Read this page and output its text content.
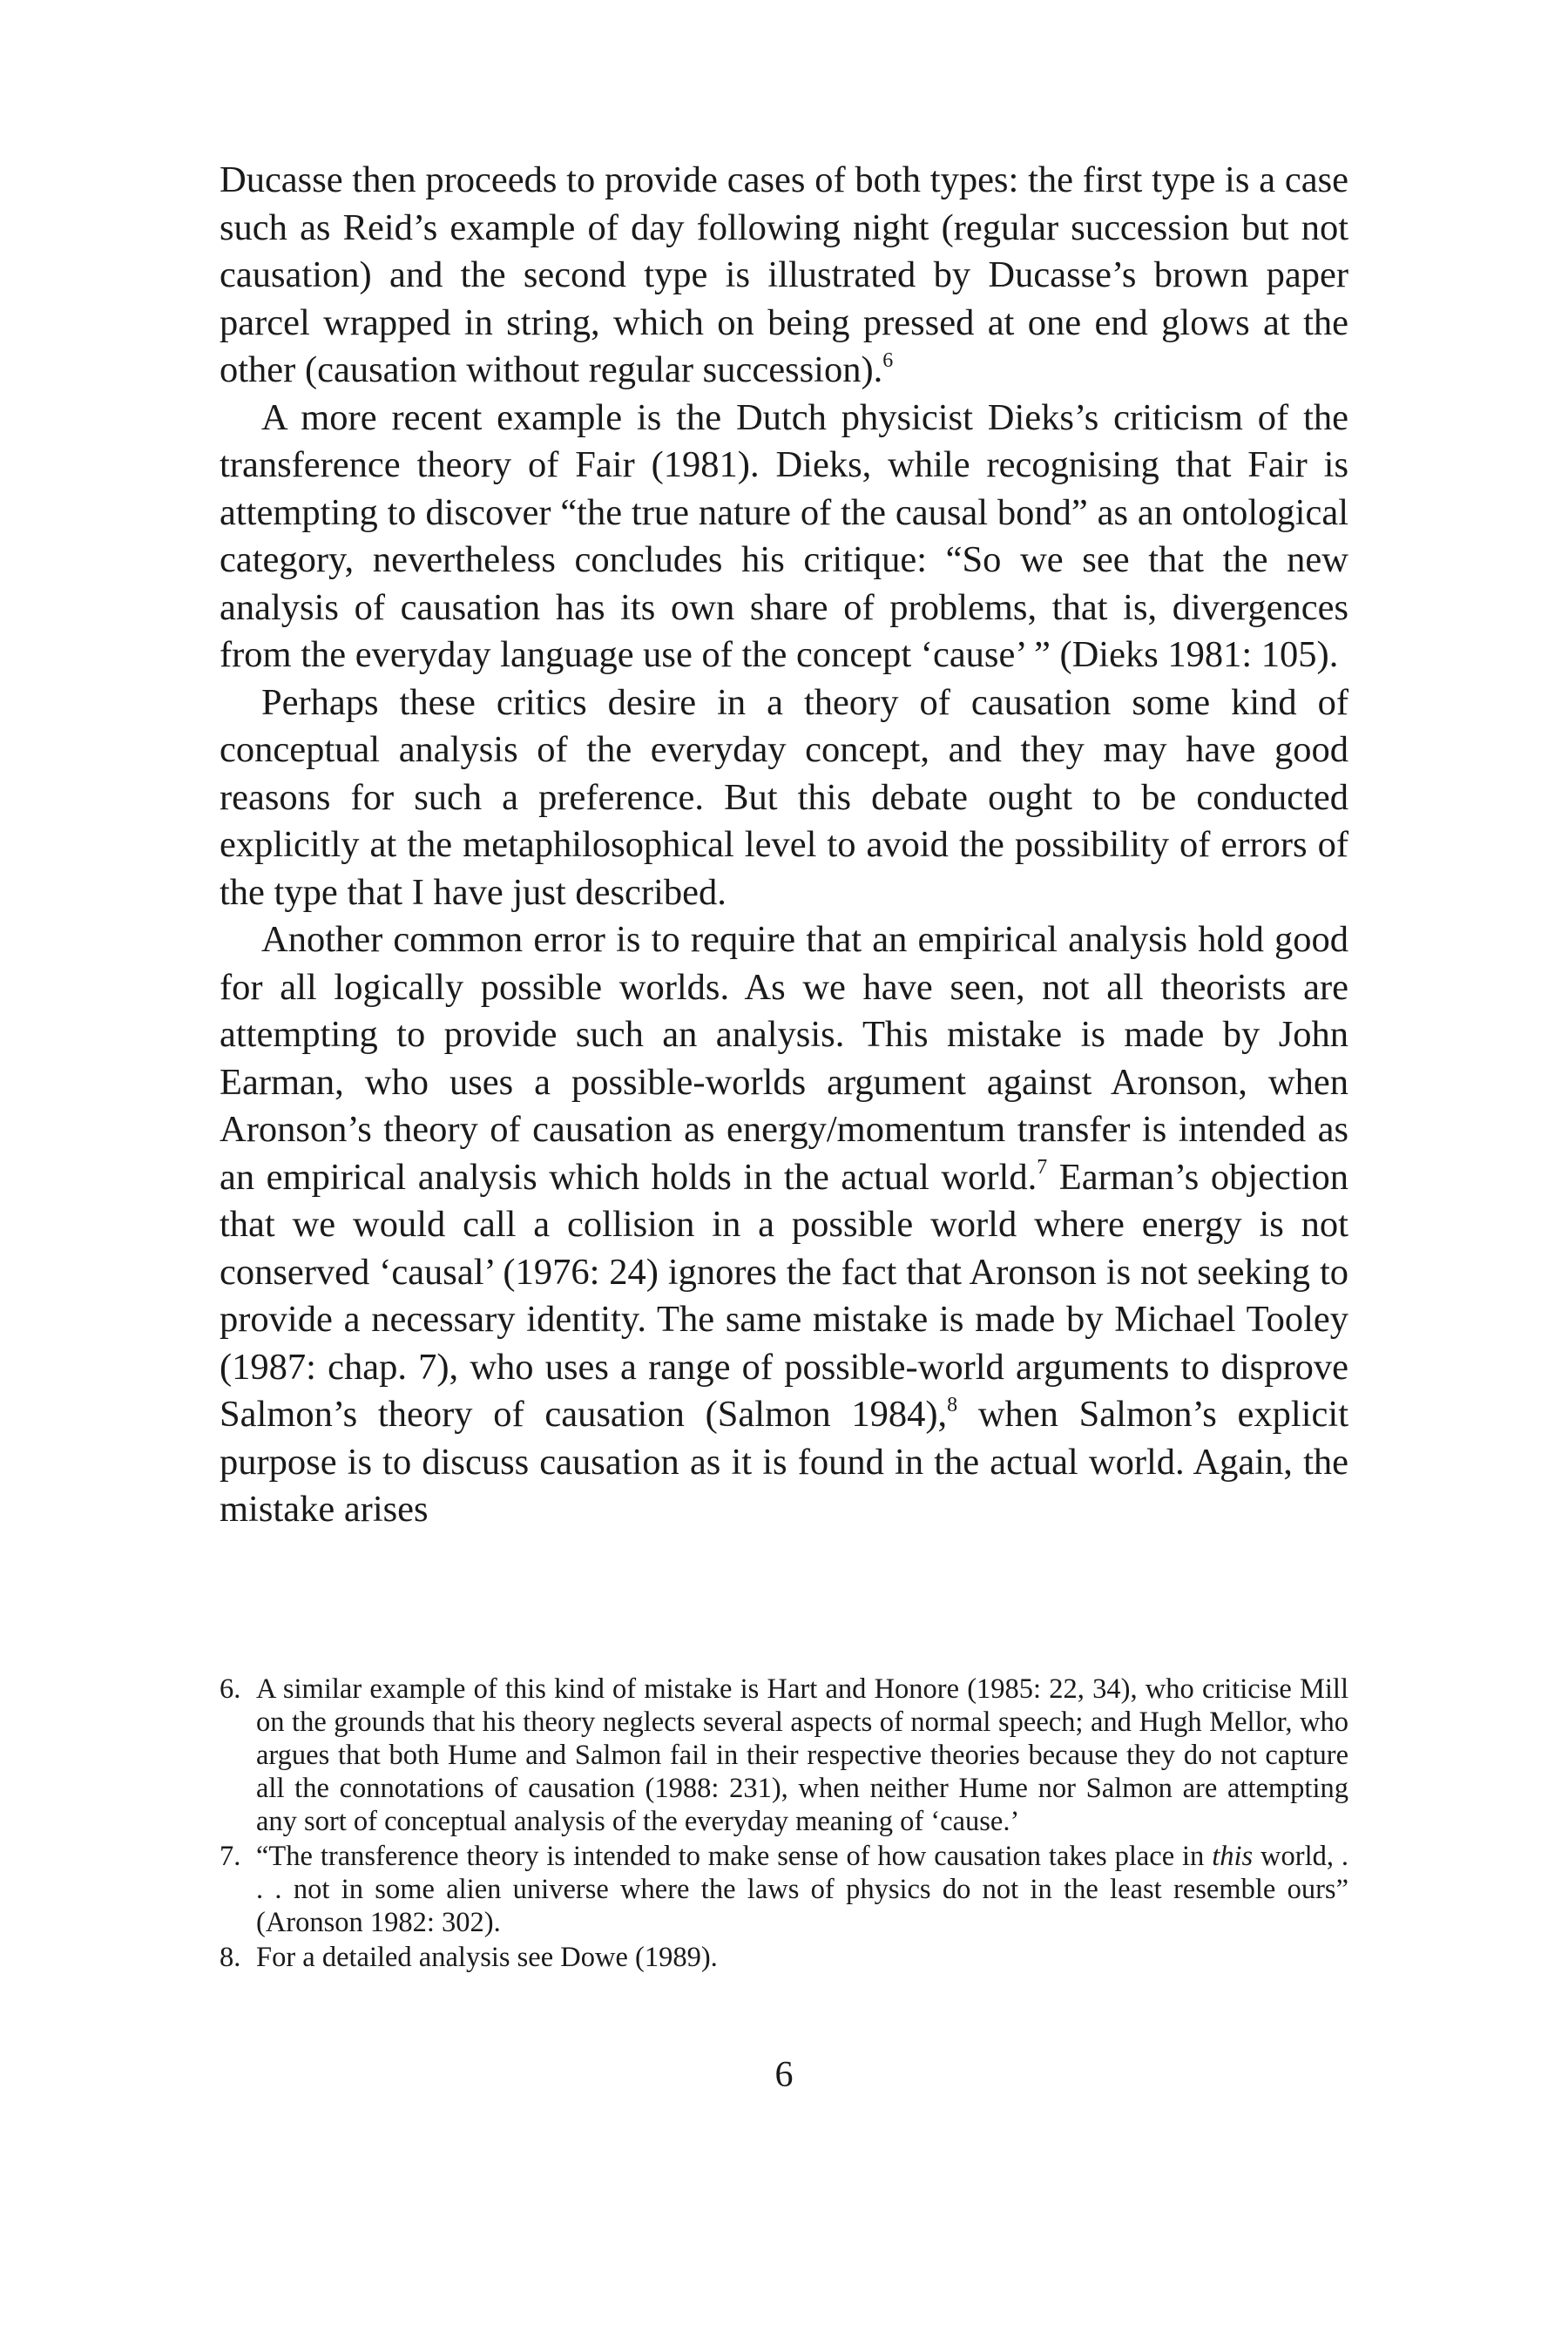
Ducasse then proceeds to provide cases of both types: the first type is a case such as Reid’s example of day following night (regular succession but not causation) and the second type is illustrated by Ducasse’s brown paper parcel wrapped in string, which on being pressed at one end glows at the other (causation without regular succession).$^6$

A more recent example is the Dutch physicist Dieks’s criticism of the transference theory of Fair (1981). Dieks, while recognising that Fair is attempting to discover “the true nature of the causal bond” as an ontological category, nevertheless concludes his critique: “So we see that the new analysis of causation has its own share of problems, that is, divergences from the everyday language use of the concept ‘cause’ ” (Dieks 1981: 105).

Perhaps these critics desire in a theory of causation some kind of conceptual analysis of the everyday concept, and they may have good reasons for such a preference. But this debate ought to be conducted explicitly at the metaphilosophical level to avoid the possibility of errors of the type that I have just described.

Another common error is to require that an empirical analysis hold good for all logically possible worlds. As we have seen, not all theorists are attempting to provide such an analysis. This mistake is made by John Earman, who uses a possible-worlds argument against Aronson, when Aronson’s theory of causation as energy/momentum transfer is intended as an empirical analysis which holds in the actual world.$^7$ Earman’s objection that we would call a collision in a possible world where energy is not conserved ‘causal’ (1976: 24) ignores the fact that Aronson is not seeking to provide a necessary identity. The same mistake is made by Michael Tooley (1987: chap. 7), who uses a range of possible-world arguments to disprove Salmon’s theory of causation (Salmon 1984),$^8$ when Salmon’s explicit purpose is to discuss causation as it is found in the actual world. Again, the mistake arises

6. A similar example of this kind of mistake is Hart and Honore (1985: 22, 34), who criticise Mill on the grounds that his theory neglects several aspects of normal speech; and Hugh Mellor, who argues that both Hume and Salmon fail in their respective theories because they do not capture all the connotations of causation (1988: 231), when neither Hume nor Salmon are attempting any sort of conceptual analysis of the everyday meaning of ‘cause.’
7. “The transference theory is intended to make sense of how causation takes place in this world, . . . not in some alien universe where the laws of physics do not in the least resemble ours” (Aronson 1982: 302).
8. For a detailed analysis see Dowe (1989).
6
